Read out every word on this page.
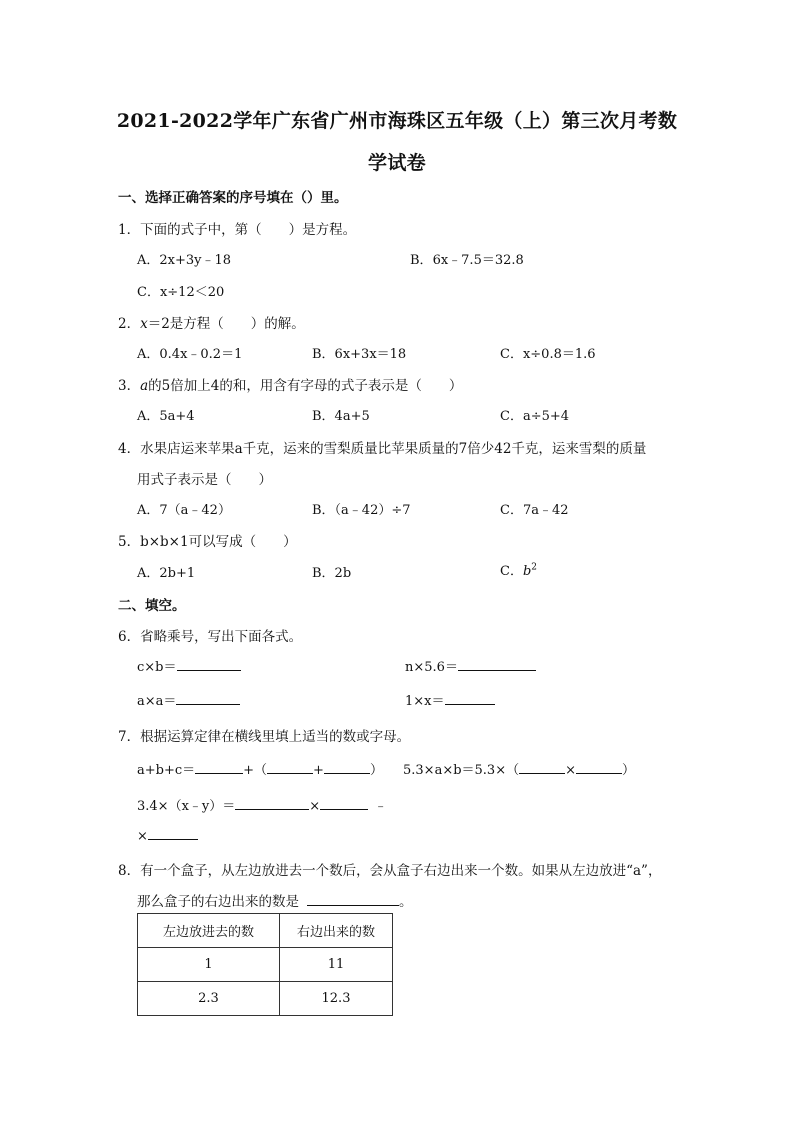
2021-2022学年广东省广州市海珠区五年级（上）第三次月考数
学试卷
一、选择正确答案的序号填在（）里。
1．下面的式子中，第（　　）是方程。
A．2x+3y﹣18	B．6x﹣7.5＝32.8
C．x÷12＜20
2．x＝2是方程（　　）的解。
A．0.4x﹣0.2＝1	B．6x+3x＝18	C．x÷0.8＝1.6
3．a的5倍加上4的和，用含有字母的式子表示是（　　）
A．5a+4	B．4a+5	C．a÷5+4
4．水果店运来苹果a千克，运来的雪梨质量比苹果质量的7倍少42千克，运来雪梨的质量
用式子表示是（　　）
A．7（a﹣42）	B．（a﹣42）÷7	C．7a﹣42
5．b×b×1可以写成（　　）
A．2b+1	B．2b	C．$b^2$
二、填空。
6．省略乘号，写出下面各式。
c×b＝	n×5.6＝
a×a＝	1×x＝
7．根据运算定律在横线里填上适当的数或字母。
a+b+c＝	+（	+	） 5.3×a×b＝5.3×（	×	）
3.4×（x﹣y）＝	×	﹣
×
8．有一个盒子，从左边放进去一个数后，会从盒子右边出来一个数。如果从左边放进“a”，
那么盒子的右边出来的数是	。
左边放进去的数	右边出来的数
1	11
2.3	12.3
